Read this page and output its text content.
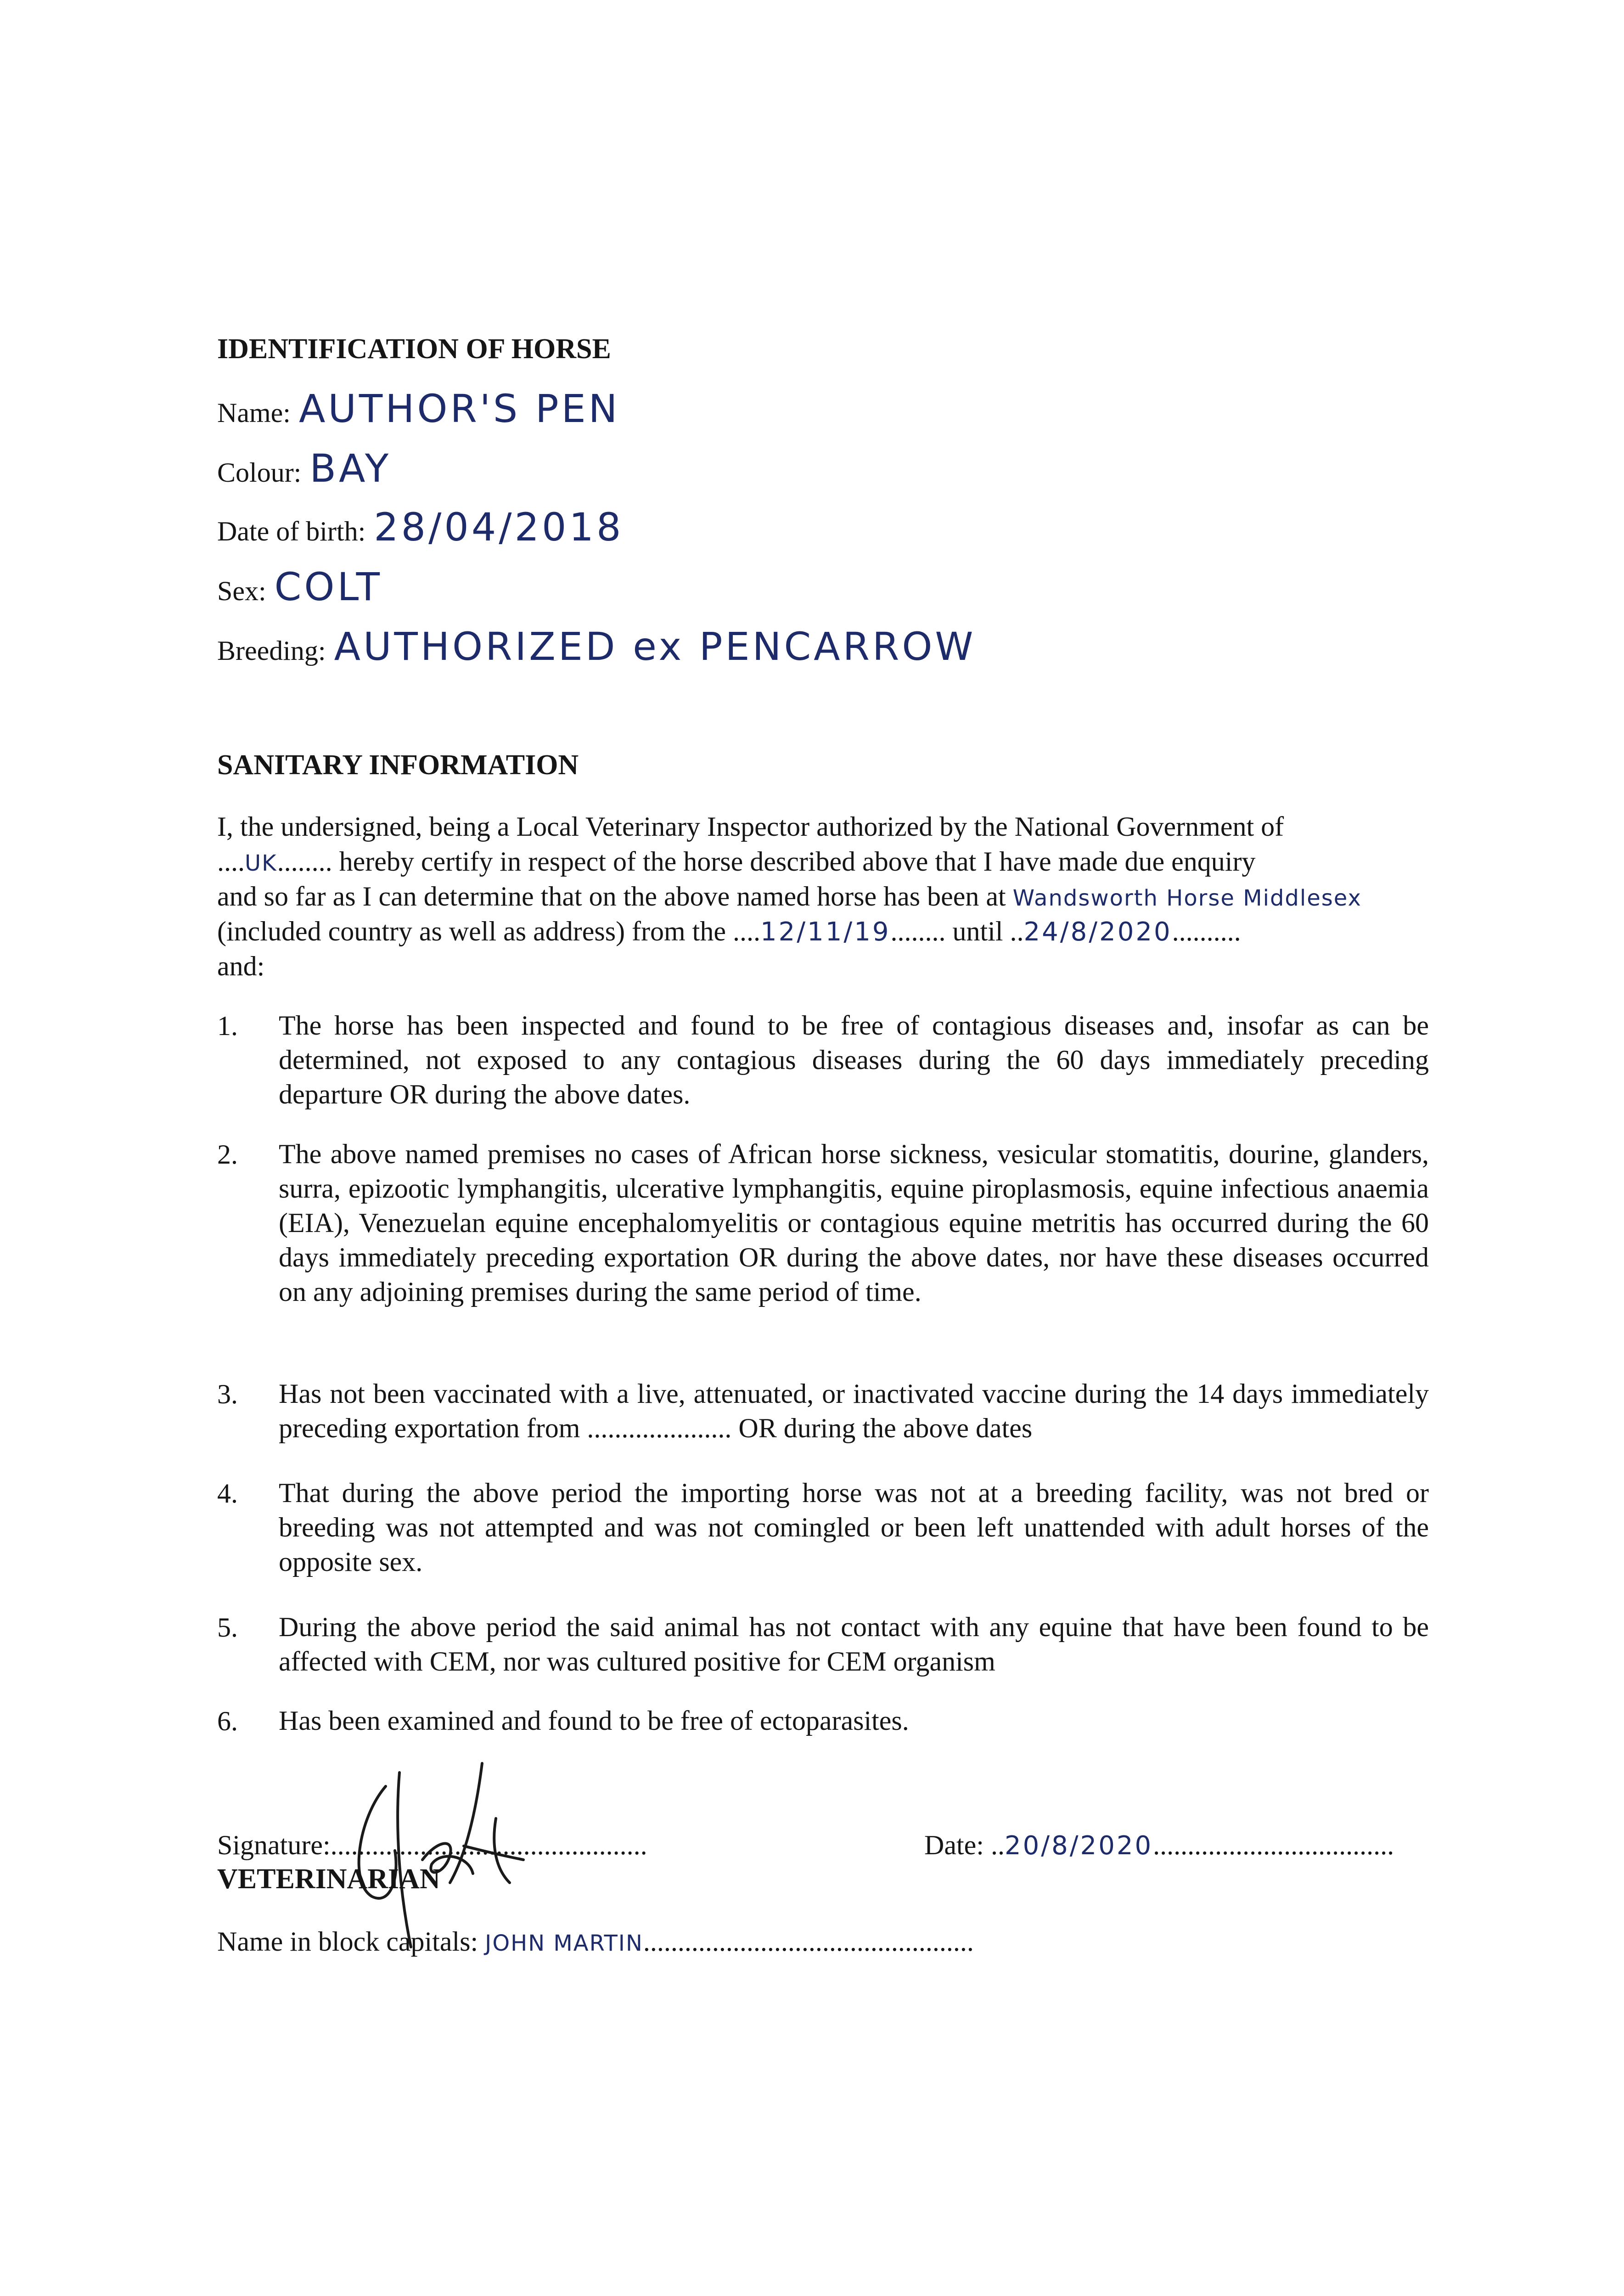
IDENTIFICATION OF HORSE
Name: AUTHOR'S PEN
Colour: BAY
Date of birth: 28/04/2018
Sex: COLT
Breeding: AUTHORIZED ex PENCARROW
SANITARY INFORMATION
I, the undersigned, being a Local Veterinary Inspector authorized by the National Government of
....UK........ hereby certify in respect of the horse described above that I have made due enquiry
and so far as I can determine that on the above named horse has been at Wandsworth Horse Middlesex
(included country as well as address) from the ....12/11/19........ until ..24/8/2020..........
and:
1. The horse has been inspected and found to be free of contagious diseases and, insofar as can be determined, not exposed to any contagious diseases during the 60 days immediately preceding departure OR during the above dates.
2. The above named premises no cases of African horse sickness, vesicular stomatitis, dourine, glanders, surra, epizootic lymphangitis, ulcerative lymphangitis, equine piroplasmosis, equine infectious anaemia (EIA), Venezuelan equine encephalomyelitis or contagious equine metritis has occurred during the 60 days immediately preceding exportation OR during the above dates, nor have these diseases occurred on any adjoining premises during the same period of time.
3. Has not been vaccinated with a live, attenuated, or inactivated vaccine during the 14 days immediately preceding exportation from ..................... OR during the above dates
4. That during the above period the importing horse was not at a breeding facility, was not bred or breeding was not attempted and was not comingled or been left unattended with adult horses of the opposite sex.
5. During the above period the said animal has not contact with any equine that have been found to be affected with CEM, nor was cultured positive for CEM organism
6. Has been examined and found to be free of ectoparasites.
Signature:..............................................	Date: ..20/8/2020...................................
VETERINARIAN
Name in block capitals: JOHN MARTIN................................................
